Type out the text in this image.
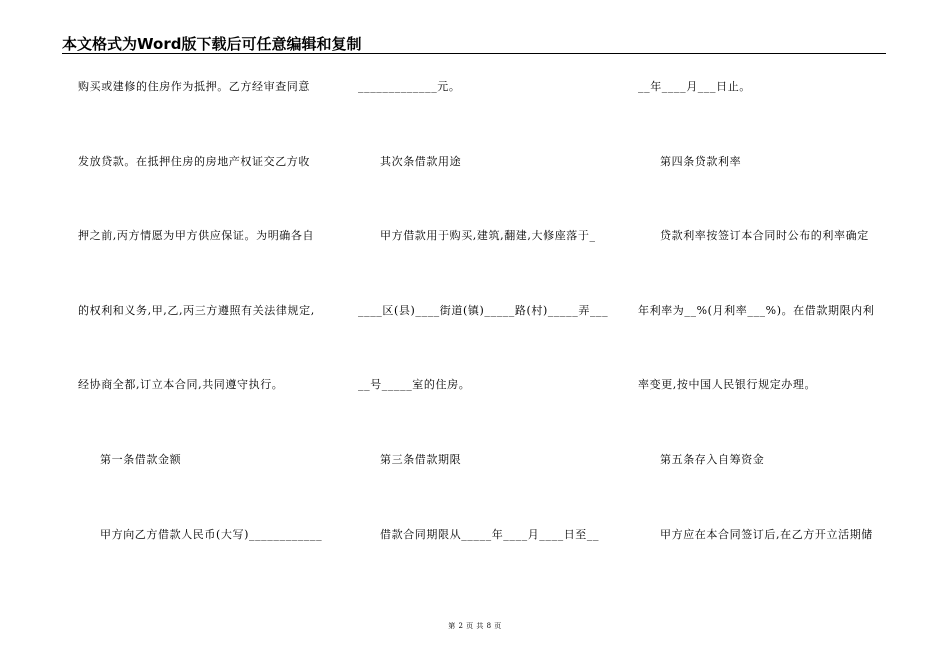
本文格式为Word版下载后可任意编辑和复制
购买或建修的住房作为抵押。乙方经审查同意
发放贷款。在抵押住房的房地产权证交乙方收
押之前,丙方情愿为甲方供应保证。为明确各自
的权利和义务,甲,乙,丙三方遵照有关法律规定,
经协商全都,订立本合同,共同遵守执行。
第一条借款金额
甲方向乙方借款人民币(大写)____________
_____________元。
其次条借款用途
甲方借款用于购买,建筑,翻建,大修座落于_
____区(县)____街道(镇)_____路(村)_____弄___
__号_____室的住房。
第三条借款期限
借款合同期限从_____年____月____日至__
__年____月___日止。
第四条贷款利率
贷款利率按签订本合同时公布的利率确定
年利率为__%(月利率___%)。在借款期限内利
率变更,按中国人民银行规定办理。
第五条存入自筹资金
甲方应在本合同签订后,在乙方开立活期储
第 2 页 共 8 页
